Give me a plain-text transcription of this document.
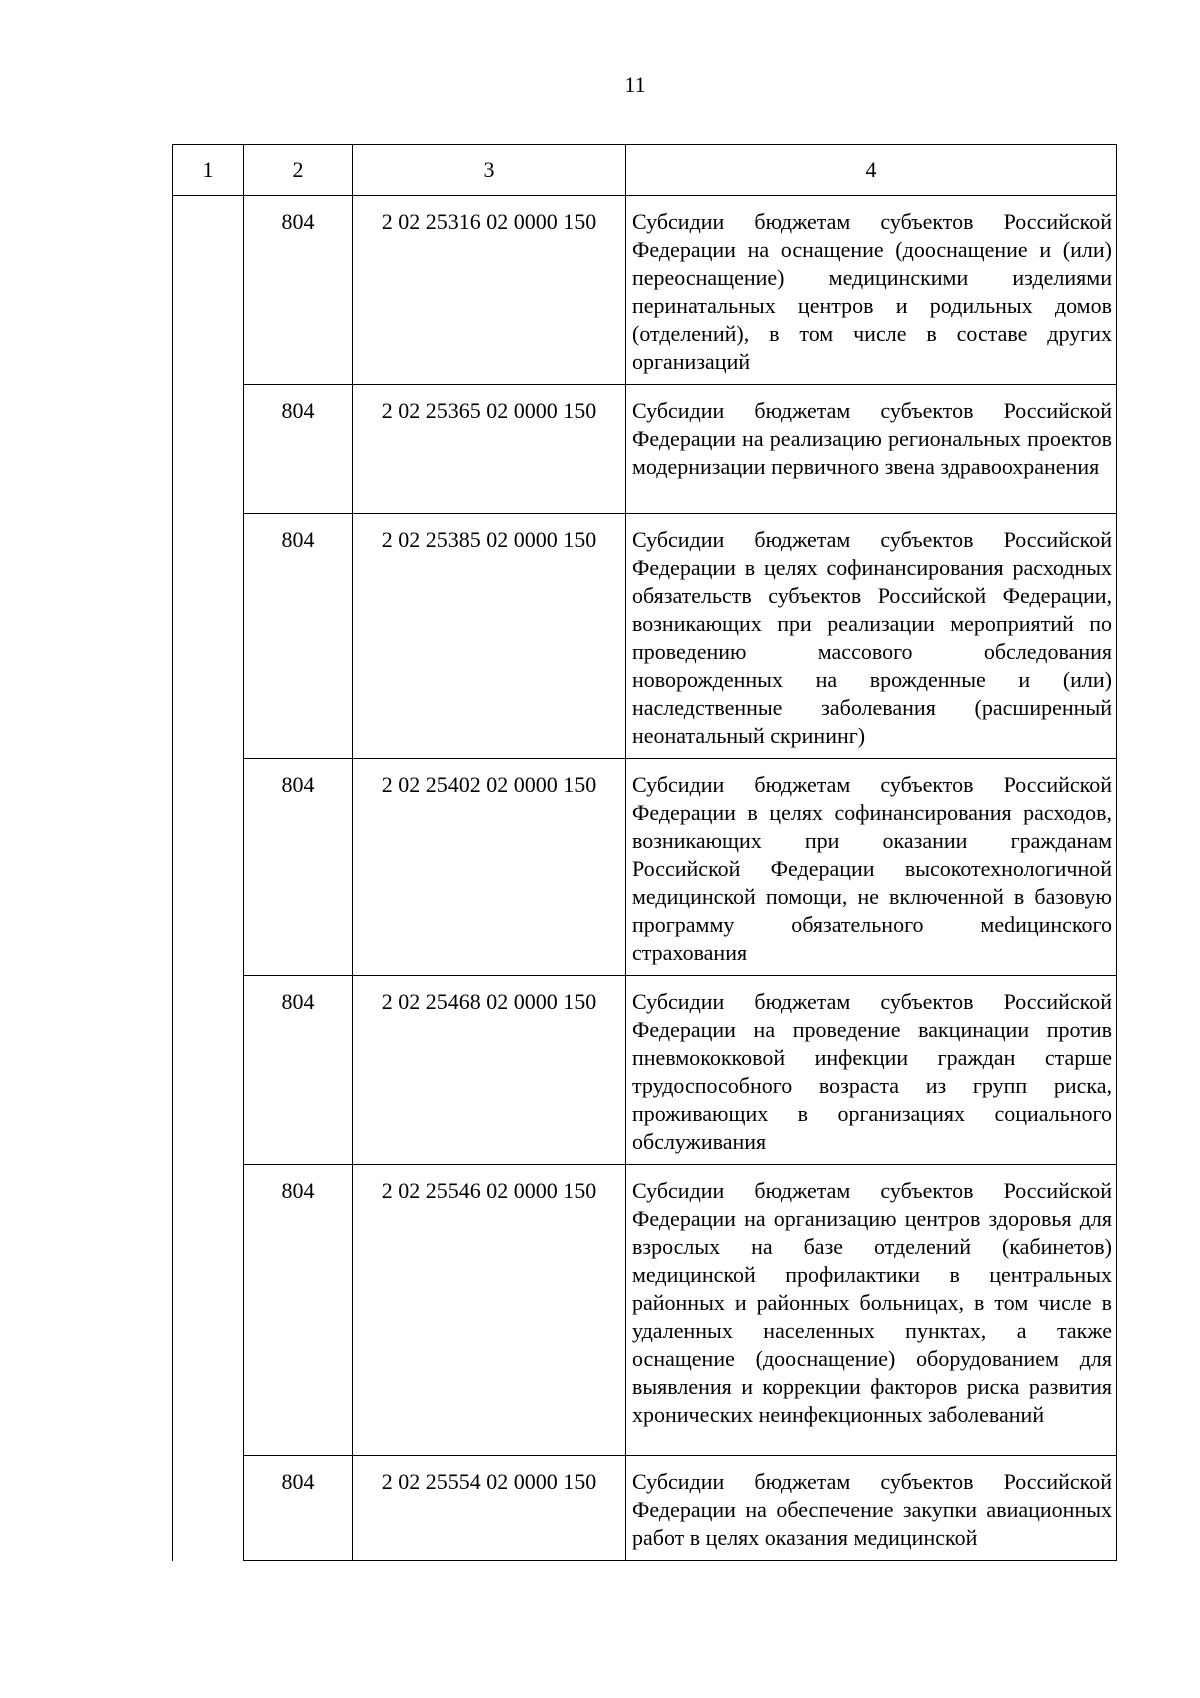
11
1	2	3	4
	804	2 02 25316 02 0000 150	Субсидии бюджетам субъектов Российской Федерации на оснащение (дооснащение и (или) переоснащение) медицинскими изделиями перинатальных центров и родильных домов (отделений), в том числе в составе других организаций
	804	2 02 25365 02 0000 150	Субсидии бюджетам субъектов Российской Федерации на реализацию региональных проектов модернизации первичного звена здравоохранения
	804	2 02 25385 02 0000 150	Субсидии бюджетам субъектов Российской Федерации в целях софинансирования расходных обязательств субъектов Российской Федерации, возникающих при реализации мероприятий по проведению массового обследования новорожденных на врожденные и (или) наследственные заболевания (расширенный неонатальный скрининг)
	804	2 02 25402 02 0000 150	Субсидии бюджетам субъектов Российской Федерации в целях софинансирования расходов, возникающих при оказании гражданам Российской Федерации высокотехнологичной медицинской помощи, не включенной в базовую программу обязательного меdицинского страхования
	804	2 02 25468 02 0000 150	Субсидии бюджетам субъектов Российской Федерации на проведение вакцинации против пневмококковой инфекции граждан старше трудоспособного возраста из групп риска, проживающих в организациях социального обслуживания
	804	2 02 25546 02 0000 150	Субсидии бюджетам субъектов Российской Федерации на организацию центров здоровья для взрослых на базе отделений (кабинетов) медицинской профилактики в центральных районных и районных больницах, в том числе в удаленных населенных пунктах, а также оснащение (дооснащение) оборудованием для выявления и коррекции факторов риска развития хронических неинфекционных заболеваний
	804	2 02 25554 02 0000 150	Субсидии бюджетам субъектов Российской Федерации на обеспечение закупки авиационных работ в целях оказания медицинской
